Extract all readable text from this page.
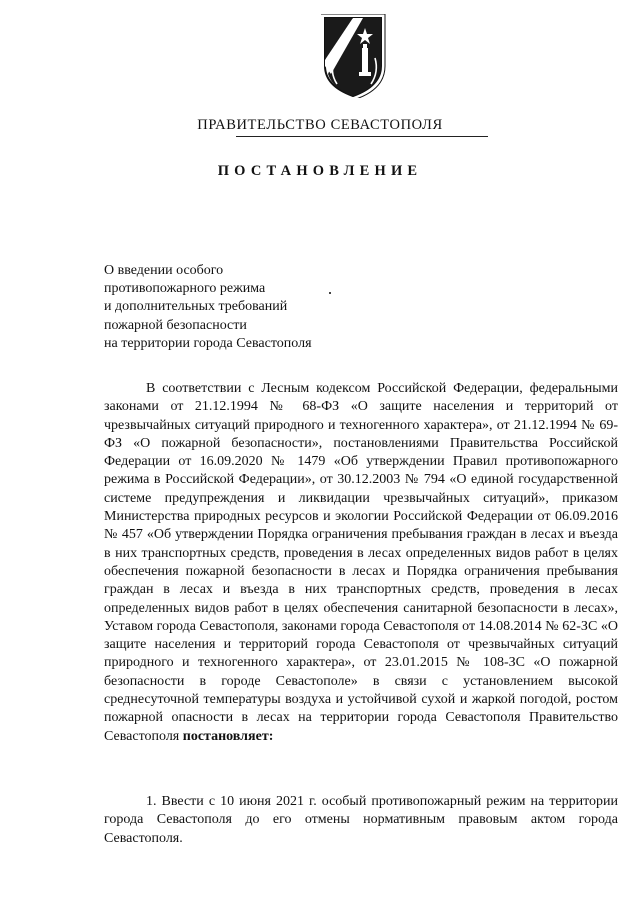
ПРАВИТЕЛЬСТВО СЕВАСТОПОЛЯ
ПОСТАНОВЛЕНИЕ
О введении особого
противопожарного режима
и дополнительных требований
пожарной безопасности
на территории города Севастополя

В соответствии с Лесным кодексом Российской Федерации, федеральными законами от 21.12.1994 № 68-ФЗ «О защите населения и территорий от чрезвычайных ситуаций природного и техногенного характера», от 21.12.1994 № 69-ФЗ «О пожарной безопасности», постановлениями Правительства Российской Федерации от 16.09.2020 № 1479 «Об утверждении Правил противопожарного режима в Российской Федерации», от 30.12.2003 № 794 «О единой государственной системе предупреждения и ликвидации чрезвычайных ситуаций», приказом Министерства природных ресурсов и экологии Российской Федерации от 06.09.2016 № 457 «Об утверждении Порядка ограничения пребывания граждан в лесах и въезда в них транспортных средств, проведения в лесах определенных видов работ в целях обеспечения пожарной безопасности в лесах и Порядка ограничения пребывания граждан в лесах и въезда в них транспортных средств, проведения в лесах определенных видов работ в целях обеспечения санитарной безопасности в лесах», Уставом города Севастополя, законами города Севастополя от 14.08.2014 № 62-ЗС «О защите населения и территорий города Севастополя от чрезвычайных ситуаций природного и техногенного характера», от 23.01.2015 № 108-ЗС «О пожарной безопасности в городе Севастополе» в связи с установлением высокой среднесуточной температуры воздуха и устойчивой сухой и жаркой погодой, ростом пожарной опасности в лесах на территории города Севастополя Правительство Севастополя постановляет:

1. Ввести с 10 июня 2021 г. особый противопожарный режим на территории города Севастополя до его отмены нормативным правовым актом города Севастополя.
